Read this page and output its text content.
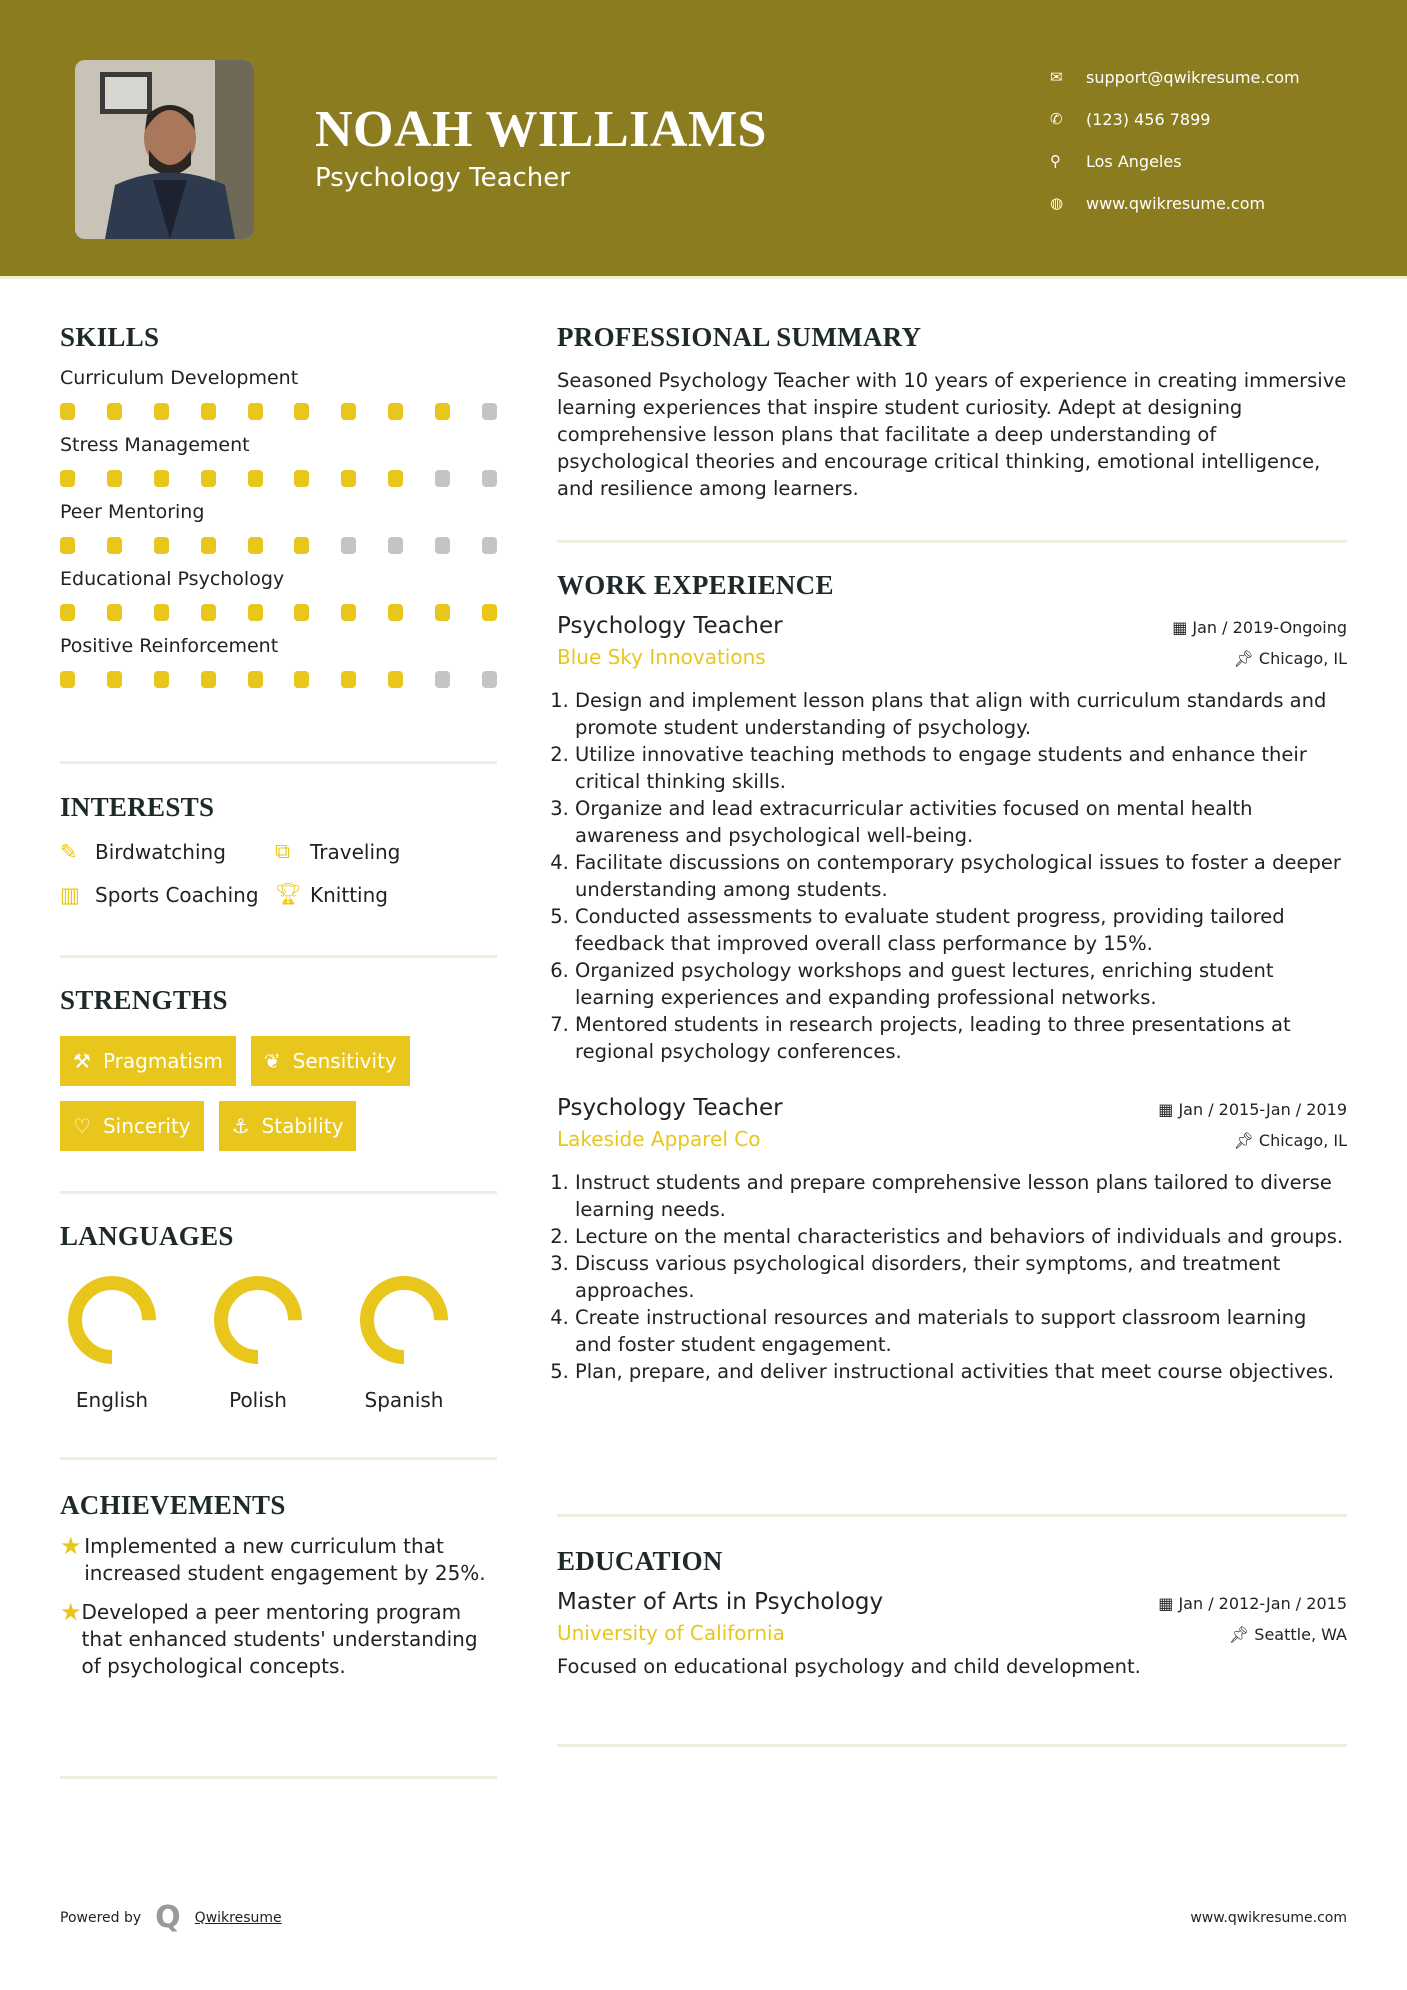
NOAH WILLIAMS
Psychology Teacher
✉	support@qwikresume.com
✆	(123) 456 7899
⚲	Los Angeles
◍	www.qwikresume.com
SKILLS
Curriculum Development
Stress Management
Peer Mentoring
Educational Psychology
Positive Reinforcement
INTERESTS
✎ Birdwatching ⧉	Traveling
▥ Sports Coaching 🏆︎ Knitting
STRENGTHS
⚒ Pragmatism ❦ Sensitivity
♡ Sincerity ⚓ Stability
LANGUAGES
English	Polish	Spanish
ACHIEVEMENTS
★ Implemented a new curriculum that increased student engagement by 25%.
★ Developed a peer mentoring program that enhanced students' understanding of psychological concepts.
PROFESSIONAL SUMMARY

Seasoned Psychology Teacher with 10 years of experience in creating immersive learning experiences that inspire student curiosity. Adept at designing comprehensive lesson plans that facilitate a deep understanding of psychological theories and encourage critical thinking, emotional intelligence, and resilience among learners.

WORK EXPERIENCE
Psychology Teacher	▦ Jan / 2019-Ongoing
Blue Sky Innovations	📌︎ Chicago, IL
1. Design and implement lesson plans that align with curriculum standards and promote student understanding of psychology.
2. Utilize innovative teaching methods to engage students and enhance their critical thinking skills.
3. Organize and lead extracurricular activities focused on mental health awareness and psychological well-being.
4. Facilitate discussions on contemporary psychological issues to foster a deeper understanding among students.
5. Conducted assessments to evaluate student progress, providing tailored feedback that improved overall class performance by 15%.
6. Organized psychology workshops and guest lectures, enriching student learning experiences and expanding professional networks.
7. Mentored students in research projects, leading to three presentations at regional psychology conferences.
Psychology Teacher	▦ Jan / 2015-Jan / 2019
Lakeside Apparel Co	📌︎ Chicago, IL
1. Instruct students and prepare comprehensive lesson plans tailored to diverse learning needs.
2. Lecture on the mental characteristics and behaviors of individuals and groups.
3. Discuss various psychological disorders, their symptoms, and treatment approaches.
4. Create instructional resources and materials to support classroom learning and foster student engagement.
5. Plan, prepare, and deliver instructional activities that meet course objectives.
EDUCATION
Master of Arts in Psychology	▦ Jan / 2012-Jan / 2015
University of California	📌︎ Seattle, WA

Focused on educational psychology and child development.

Powered by Q Qwikresume	www.qwikresume.com
